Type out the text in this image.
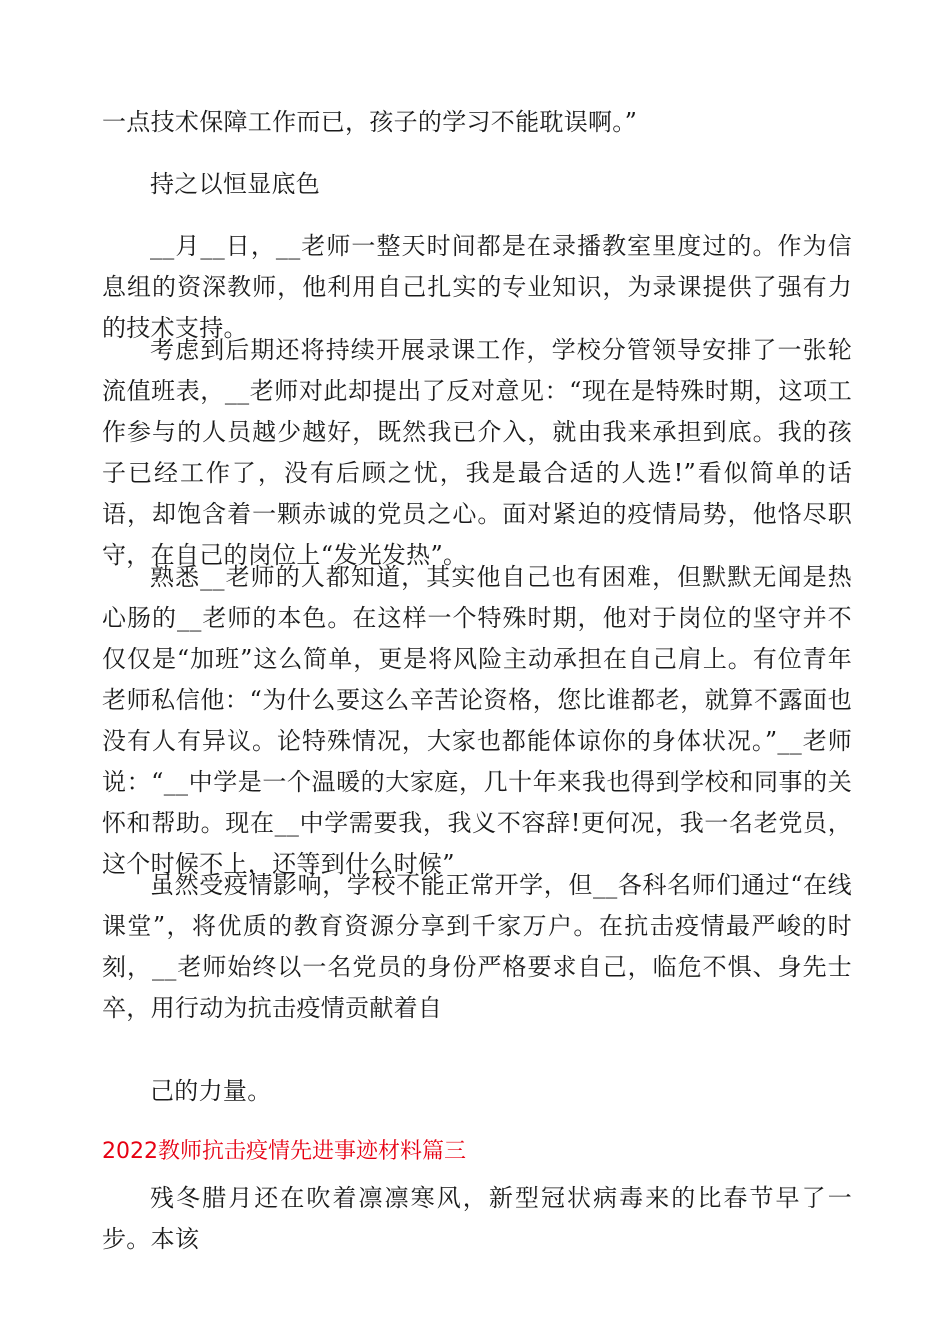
一点技术保障工作而已，孩子的学习不能耽误啊。”

持之以恒显底色

__月__日，__老师一整天时间都是在录播教室里度过的。作为信息组的资深教师，他利用自己扎实的专业知识，为录课提供了强有力的技术支持。

考虑到后期还将持续开展录课工作，学校分管领导安排了一张轮流值班表，__老师对此却提出了反对意见：“现在是特殊时期，这项工作参与的人员越少越好，既然我已介入，就由我来承担到底。我的孩子已经工作了，没有后顾之忧，我是最合适的人选!”看似简单的话语，却饱含着一颗赤诚的党员之心。面对紧迫的疫情局势，他恪尽职守，在自己的岗位上“发光发热”。

熟悉__老师的人都知道，其实他自己也有困难，但默默无闻是热心肠的__老师的本色。在这样一个特殊时期，他对于岗位的坚守并不仅仅是“加班”这么简单，更是将风险主动承担在自己肩上。有位青年老师私信他：“为什么要这么辛苦论资格，您比谁都老，就算不露面也没有人有异议。论特殊情况，大家也都能体谅你的身体状况。”__老师说：“__中学是一个温暖的大家庭，几十年来我也得到学校和同事的关怀和帮助。现在__中学需要我，我义不容辞!更何况，我一名老党员，这个时候不上，还等到什么时候”

虽然受疫情影响，学校不能正常开学，但__各科名师们通过“在线课堂”，将优质的教育资源分享到千家万户。在抗击疫情最严峻的时刻，__老师始终以一名党员的身份严格要求自己，临危不惧、身先士卒，用行动为抗击疫情贡献着自

己的力量。

2022教师抗击疫情先进事迹材料篇三

残冬腊月还在吹着凛凛寒风，新型冠状病毒来的比春节早了一步。本该
